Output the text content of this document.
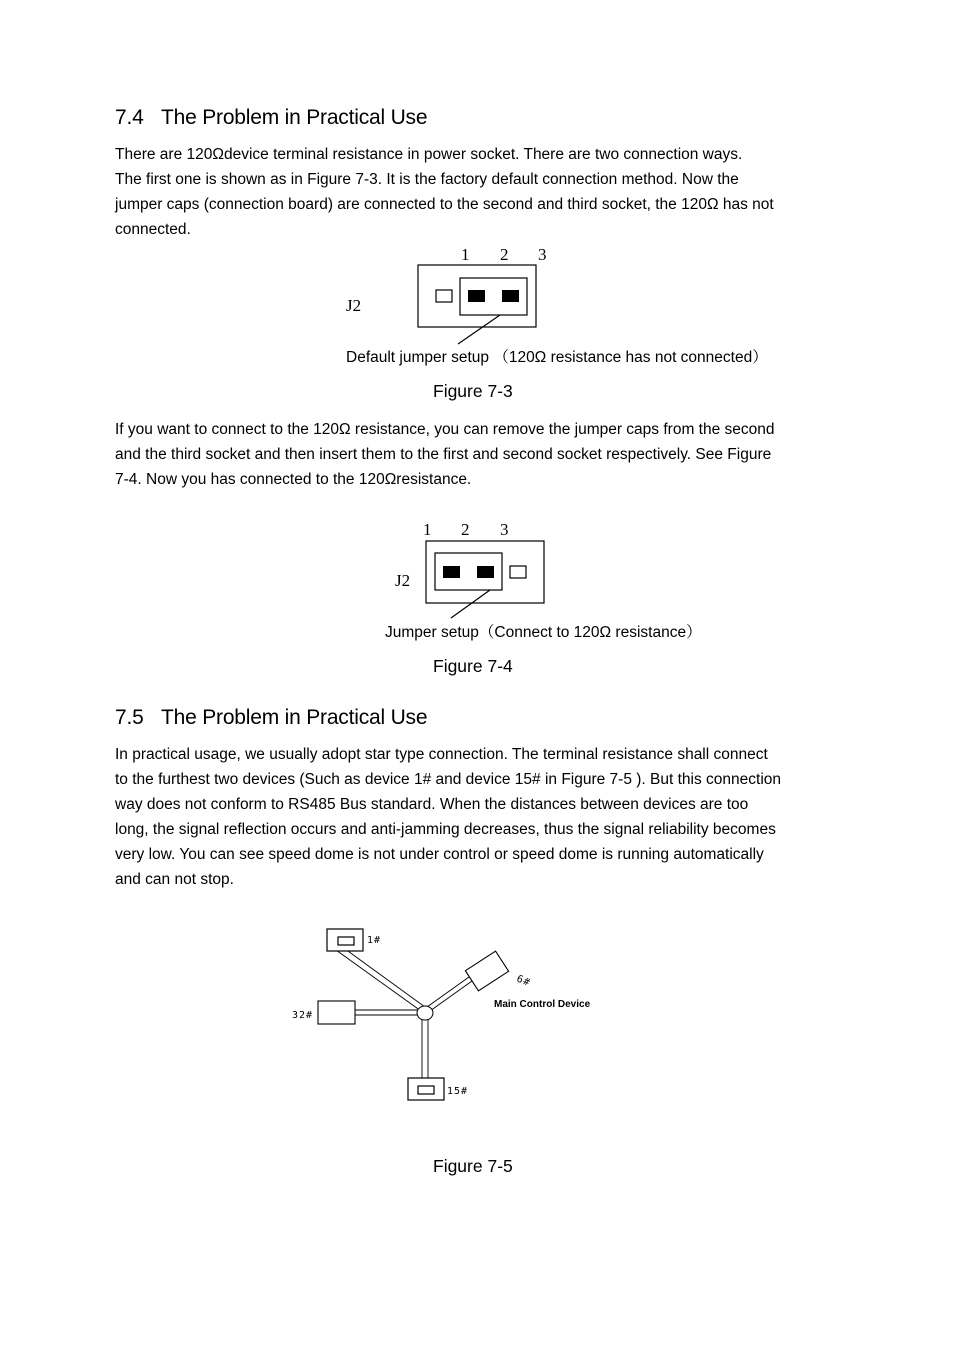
7.4 The Problem in Practical Use
There are 120Ωdevice terminal resistance in power socket. There are two connection ways.
The first one is shown as in Figure 7-3. It is the factory default connection method. Now the
jumper caps (connection board) are connected to the second and third socket, the 120Ω has not
connected.
1 2 3
J2
Default jumper setup （120Ω resistance has not connected）
Figure 7-3
If you want to connect to the 120Ω resistance, you can remove the jumper caps from the second
and the third socket and then insert them to the first and second socket respectively. See Figure
7-4. Now you has connected to the 120Ωresistance.
1 2 3
J2
Jumper setup（Connect to 120Ω resistance）
Figure 7-4
7.5 The Problem in Practical Use
In practical usage, we usually adopt star type connection. The terminal resistance shall connect
to the furthest two devices (Such as device 1# and device 15# in Figure 7-5 ). But this connection
way does not conform to RS485 Bus standard. When the distances between devices are too
long, the signal reflection occurs and anti-jamming decreases, thus the signal reliability becomes
very low. You can see speed dome is not under control or speed dome is running automatically
and can not stop.
1#
6#
Main Control Device
32#
15#
Figure 7-5
